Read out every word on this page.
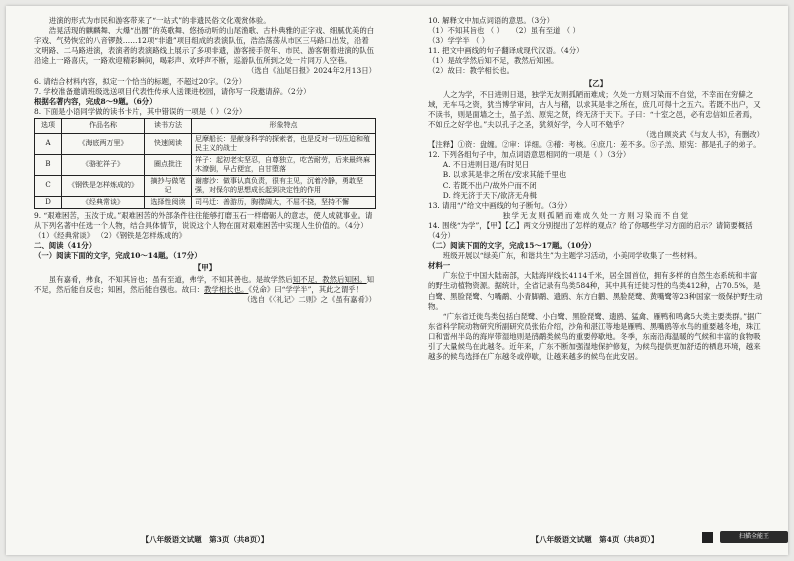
进演的形式为市民和游客带来了“一站式”的非遗民俗文化观赏体验。

浩晃活现的麒麟舞、大爆“出圈”的英歌舞、悠扬动听的山尾渔歌、古朴典雅的正字戏、细腻优美的白字戏、气势恢宏的八音锣鼓……12项“非遗”项目组成的表演队伍，浩浩荡荡从市区三马路口出发，沿着文明路、二马路进演，表演者的表演路线上展示了多项非遗，游客接手贺年、市民、游客朝着进演的队伍沿途上一路喜庆，一路欢迎精彩瞬间，喝彩声、欢呼声不断，巡游队伍所到之处一片同万人空巷。

（选自《汕尾日报》2024年2月13日）

6. 请结合材料内容，拟定一个恰当的标题，不超过20字。（2分）

7. 学校准备邀请班级选送项目代表性传承人送课进校园，请你写一段邀请辞。（2分）

根据名著内容，完成8～9题。（6分）

8. 下面是小语同学做的读书卡片，其中错误的一项是（ ）（2分）

选项	作品名称	读书方法	形象特点
A	《海底两万里》	快速阅读	尼摩船长：是献身科学的探索者，也是反对一切压迫和殖民主义的战士
B	《骆驼祥子》	圈点批注	祥子：起初老实坚忍，自尊独立，吃苦耐劳，后来最终麻木潦倒，早占便宜，自甘堕落
C	《钢铁是怎样炼成的》	摘抄与做笔记	谢廖沙：做事认真负责，很有主见，沉着冷静，勇敢坚强，对保尔的思想成长起到决定性的作用
D	《经典常谈》	选择性阅读	司马迁：善游历，胸襟阔大，不屈不挠，坚持不懈

9. “艰难困苦，玉汝于成。”艰难困苦的外部条件往往能够打磨玉石一样磨砺人的意志，使人成就事业。请从下列名著中任选一个人物，结合具体情节，说说这个人物在面对艰难困苦中实现人生价值的。（4分）

（1）《经典常谈》 （2）《钢铁是怎样炼成的》

二、阅读（41分）

（一）阅读下面的文字，完成10～14题。（17分）

【甲】

虽有嘉肴，弗食，不知其旨也；虽有至道，弗学，不知其善也。是故学然后知不足，教然后知困。知不足，然后能自反也；知困，然后能自强也。故曰：教学相长也。《兑命》曰“学学半”，其此之谓乎！

（选自《〈礼记〉二则》之《虽有嘉肴》）

10. 解释文中加点词语的意思。（3分）

（1）不知其旨也 （ ）　　 （2）虽有至道 （ ）

（3）学学半 （ ）

11. 把文中画线的句子翻译成现代汉语。（4分）

（1）是故学然后知不足，教然后知困。

（2）故曰：教学相长也。

【乙】

人之为学，不日进则日退，独学无友则孤陋而难成；久处一方则习染而不自觉，不幸而在穷僻之域，无车马之资，犹当博学审问，古人与稽，以求其是非之所在，庶几可得十之五六。若既不出户，又不读书，则是面墙之士，虽子羔、原宪之贤，终无济于天下。子曰：“十室之邑，必有忠信如丘者焉，不如丘之好学也。”夫以孔子之圣，犹须好学，今人可不勉乎？

（选自顾炎武《与友人书》，有删改）

【注释】①资：盘缠。②审：详细。③稽：考核。④庶几：差不多。⑤子羔、原宪：都是孔子的弟子。

12. 下列各组句子中，加点词语意思相同的一项是（ ）（3分）

A. 不日进则日退/有时见日

B. 以求其是非之所在/安求其能千里也

C. 若既不出户/故外户而不闭

D. 终无济于天下/欲济无舟楫

13. 请用“/”给文中画线的句子断句。（3分）

独学无友则孤陋而难成久处一方则习染而不自觉

14. 围绕“为学”，【甲】【乙】两文分别提出了怎样的观点？给了你哪些学习方面的启示？请简要概括（4分）

（二）阅读下面的文字，完成15～17题。（10分）

班级开展以“绿美广东，和谐共生”为主题学习活动，小美同学收集了一些材料。

材料一

广东位于中国大陆南部，大陆海岸线长4114千米，居全国首位，拥有多样的自然生态系统和丰富的野生动植物资源。据统计，全省记录有鸟类584种，其中具有迁徙习性的鸟类412种，占70.5%，是白鹭、黑脸琵鹭、勺嘴鹬、小青脚鹬、遗鸥、东方白鹳、黑脸琵鹭、黄嘴鹭等23种国家一级保护野生动物。

“广东省迁徙鸟类包括白琵鹭、小白鹭、黑脸琵鹭、遗鸥、猛禽、雁鸭和鸣禽5大类主要类群。”据广东省科学院动物研究所副研究员张佑介绍，沙角和湛江等地是雁鸭、黑嘴鸥等水鸟的重要越冬地，珠江口和雷州半岛的海岸带湿地则是鸻鹬类候鸟的重要停歇地。冬季，东南沿海温暖的气候和丰富的食物吸引了大量候鸟在此越冬。近年来，广东不断加强湿地保护修复，为候鸟提供更加舒适的栖息环境，越来越多的候鸟选择在广东越冬或停歇，让越来越多的候鸟在此安居。

【八年级语文试题　第3页（共8页）】	【八年级语文试题　第4页（共8页）】	扫描全能王
